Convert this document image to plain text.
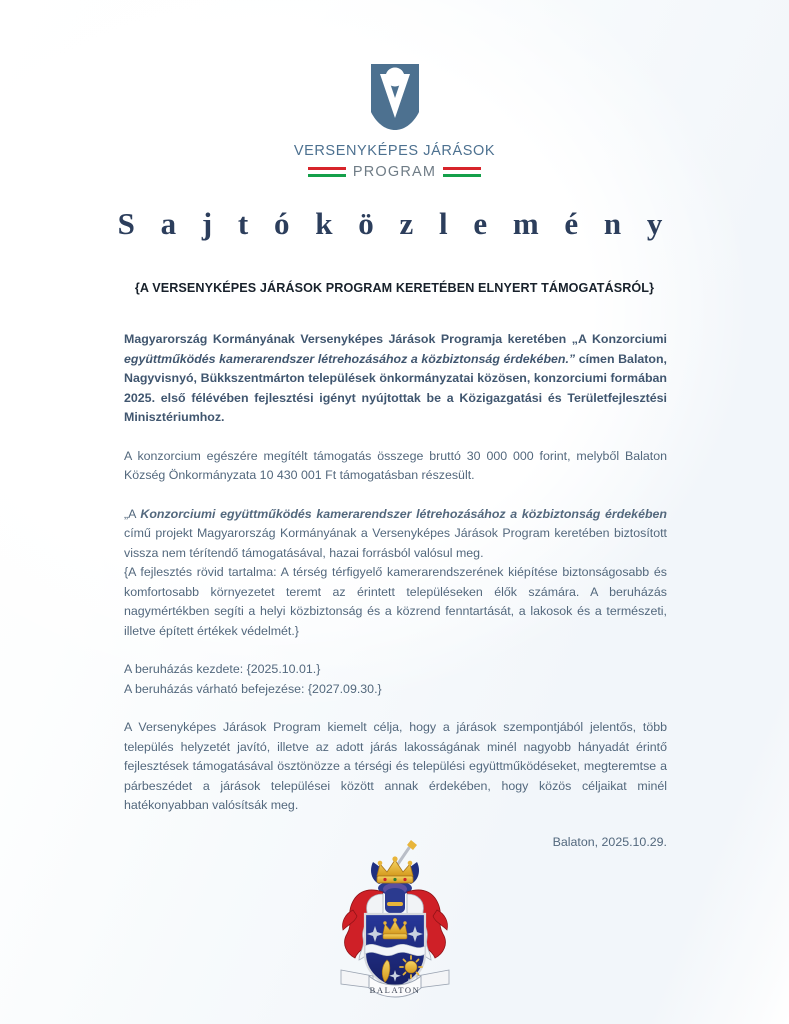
VERSENYKÉPES JÁRÁSOK
PROGRAM
S a j t ó k ö z l e m é n y
{A VERSENYKÉPES JÁRÁSOK PROGRAM KERETÉBEN ELNYERT TÁMOGATÁSRÓL}

Magyarország Kormányának Versenyképes Járások Programja keretében „A Konzorciumi együttműködés kamerarendszer létrehozásához a közbiztonság érdekében.” címen Balaton, Nagyvisnyó, Bükkszentmárton települések önkormányzatai közösen, konzorciumi formában 2025. első félévében fejlesztési igényt nyújtottak be a Közigazgatási és Területfejlesztési Minisztériumhoz.

A konzorcium egészére megítélt támogatás összege bruttó 30 000 000 forint, melyből Balaton Község Önkormányzata 10 430 001 Ft támogatásban részesült.

„A Konzorciumi együttműködés kamerarendszer létrehozásához a közbiztonság érdekében című projekt Magyarország Kormányának a Versenyképes Járások Program keretében biztosított vissza nem térítendő támogatásával, hazai forrásból valósul meg.

{A fejlesztés rövid tartalma: A térség térfigyelő kamerarendszerének kiépítése biztonságosabb és komfortosabb környezetet teremt az érintett településeken élők számára. A beruházás nagymértékben segíti a helyi közbiztonság és a közrend fenntartását, a lakosok és a természeti, illetve épített értékek védelmét.}

A beruházás kezdete: {2025.10.01.}

A beruházás várható befejezése: {2027.09.30.}

A Versenyképes Járások Program kiemelt célja, hogy a járások szempontjából jelentős, több település helyzetét javító, illetve az adott járás lakosságának minél nagyobb hányadát érintő fejlesztések támogatásával ösztönözze a térségi és települési együttműködéseket, megteremtse a párbeszédet a járások települései között annak érdekében, hogy közös céljaikat minél hatékonyabban valósítsák meg.

Balaton, 2025.10.29.

BALATON
